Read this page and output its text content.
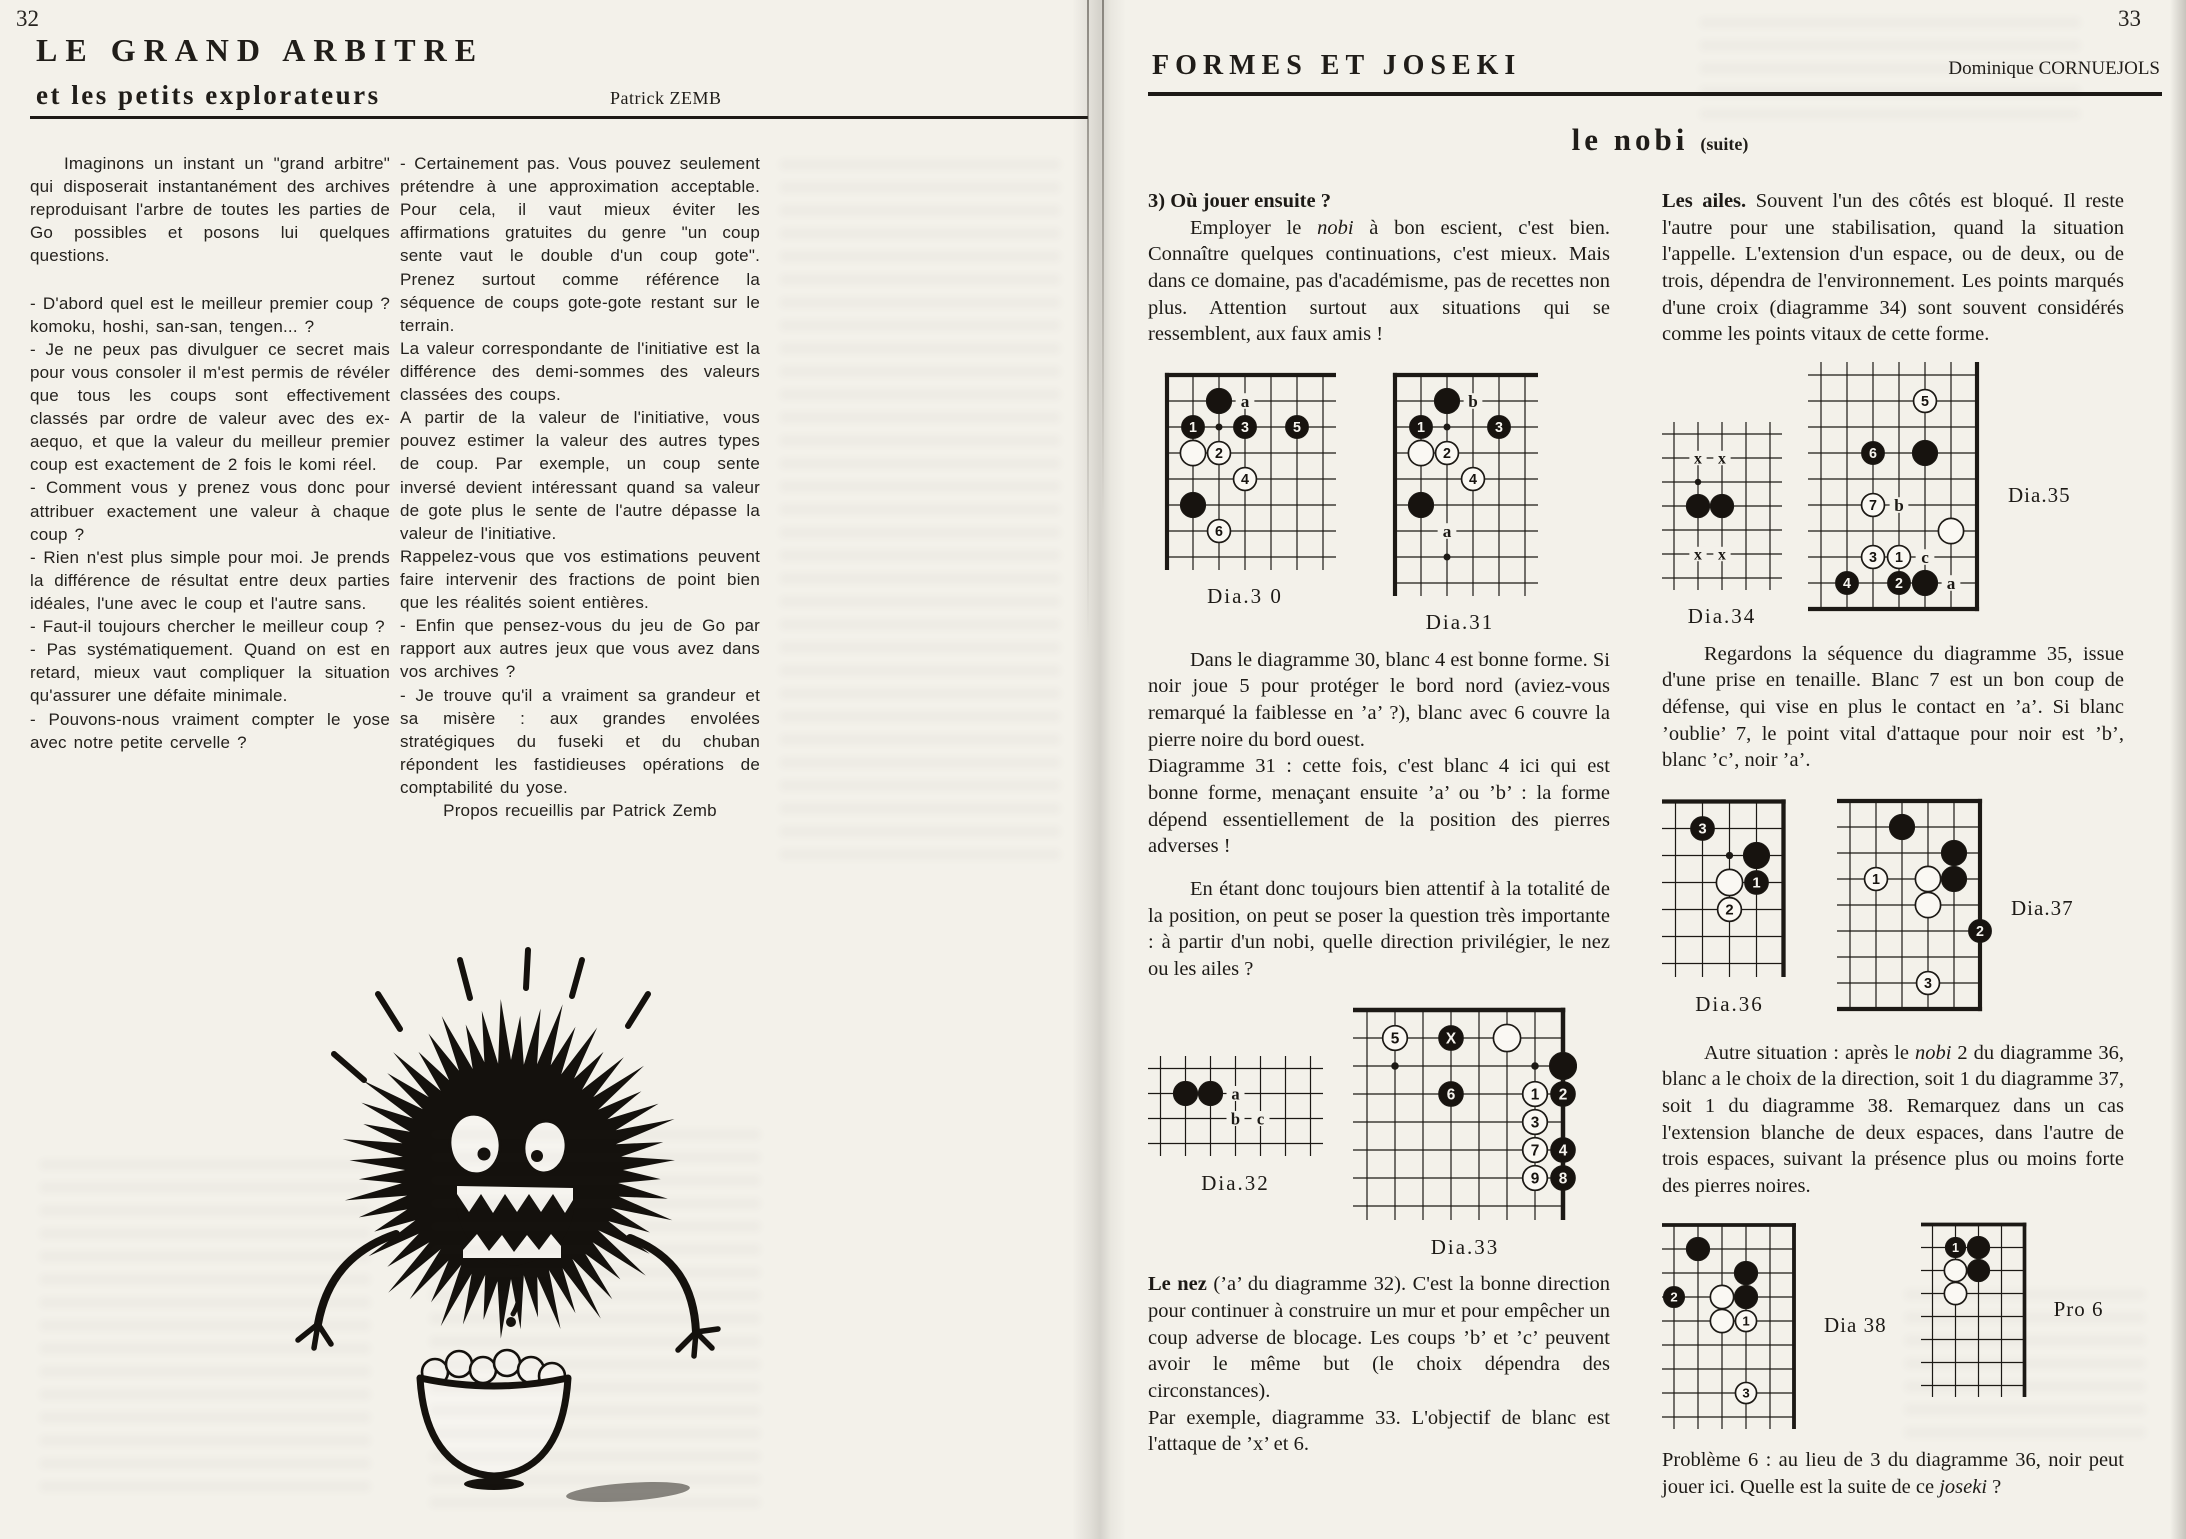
32
LE GRAND ARBITRE
et les petits explorateurs	Patrick ZEMB

Imaginons un instant un "grand arbitre" qui disposerait instantanément des archives reproduisant l'arbre de toutes les parties de Go possibles et posons lui quelques questions.

- D'abord quel est le meilleur premier coup ? komoku, hoshi, san-san, tengen... ?

- Je ne peux pas divulguer ce secret mais pour vous consoler il m'est permis de révéler que tous les coups sont effectivement classés par ordre de valeur avec des ex-aequo, et que la valeur du meilleur premier coup est exactement de 2 fois le komi réel.

- Comment vous y prenez vous donc pour attribuer exactement une valeur à chaque coup ?

- Rien n'est plus simple pour moi. Je prends la différence de résultat entre deux parties idéales, l'une avec le coup et l'autre sans.

- Faut-il toujours chercher le meilleur coup ?

- Pas systématiquement. Quand on est en retard, mieux vaut compliquer la situation qu'assurer une défaite minimale.

- Pouvons-nous vraiment compter le yose avec notre petite cervelle ?

- Certainement pas. Vous pouvez seulement prétendre à une approximation acceptable. Pour cela, il vaut mieux éviter les affirmations gratuites du genre "un coup sente vaut le double d'un coup gote". Prenez surtout comme référence la séquence de coups gote-gote restant sur le terrain.

La valeur correspondante de l'initiative est la différence des demi-sommes des valeurs classées des coups.

A partir de la valeur de l'initiative, vous pouvez estimer la valeur des autres types de coup. Par exemple, un coup sente inversé devient intéressant quand sa valeur de gote plus le sente de l'autre dépasse la valeur de l'initiative.

Rappelez-vous que vos estimations peuvent faire intervenir des fractions de point bien que les réalités soient entières.

- Enfin que pensez-vous du jeu de Go par rapport aux autres jeux que vous avez dans vos archives ?

- Je trouve qu'il a vraiment sa grandeur et sa misère : aux grandes envolées stratégiques du fuseki et du chuban répondent les fastidieuses opérations de comptabilité du yose.

Propos recueillis par Patrick Zemb

33
FORMES ET JOSEKI	Dominique CORNUEJOLS
le nobi (suite)

3) Où jouer ensuite ?

Employer le nobi à bon escient, c'est bien. Connaître quelques continuations, c'est mieux. Mais dans ce domaine, pas d'académisme, pas de recettes non plus. Attention surtout aux situations qui se ressemblent, aux faux amis !

a
1	3	5
2
4
6
Dia.3 0
b
a
1	3
2
4
Dia.31

Dans le diagramme 30, blanc 4 est bonne forme. Si noir joue 5 pour protéger le bord nord (aviez-vous remarqué la faiblesse en ’a’ ?), blanc avec 6 couvre la pierre noire du bord ouest.

Diagramme 31 : cette fois, c'est blanc 4 ici qui est bonne forme, menaçant ensuite ’a’ ou ’b’ : la forme dépend essentiellement de la position des pierres adverses !

En étant donc toujours bien attentif à la totalité de la position, on peut se poser la question très importante : à partir d'un nobi, quelle direction privilégier, le nez ou les ailes ?

a
b c
Dia.32
5	X
6	1 2
3
7 4
9 8
Dia.33

Le nez (’a’ du diagramme 32). C'est la bonne direction pour continuer à construire un mur et pour empêcher un coup adverse de blocage. Les coups ’b’ et ’c’ peuvent avoir le même but (le choix dépendra des circonstances).

Par exemple, diagramme 33. L'objectif de blanc est l'attaque de ’x’ et 6.

Les ailes. Souvent l'un des côtés est bloqué. Il reste l'autre pour une stabilisation, quand la situation l'appelle. L'extension d'un espace, ou de deux, ou de trois, dépendra de l'environnement. Les points marqués d'une croix (diagramme 34) sont souvent considérés comme les points vitaux de cette forme.

x x
x x
Dia.34
b
c
a
5
6
7
3 1
4	2
Dia.35

Regardons la séquence du diagramme 35, issue d'une prise en tenaille. Blanc 7 est un bon coup de défense, qui vise en plus le contact en ’a’. Si blanc ’oublie’ 7, le point vital d'attaque pour noir est ’b’, blanc ’c’, noir ’a’.

3
1
2
Dia.36
1
2
3
Dia.37

Autre situation : après le nobi 2 du diagramme 36, blanc a le choix de la direction, soit 1 du diagramme 37, soit 1 du diagramme 38. Remarquez dans un cas l'extension blanche de deux espaces, dans l'autre de trois espaces, suivant la présence plus ou moins forte des pierres noires.

2
1
3
Dia 38
1
Pro 6

Problème 6 : au lieu de 3 du diagramme 36, noir peut jouer ici. Quelle est la suite de ce joseki ?
